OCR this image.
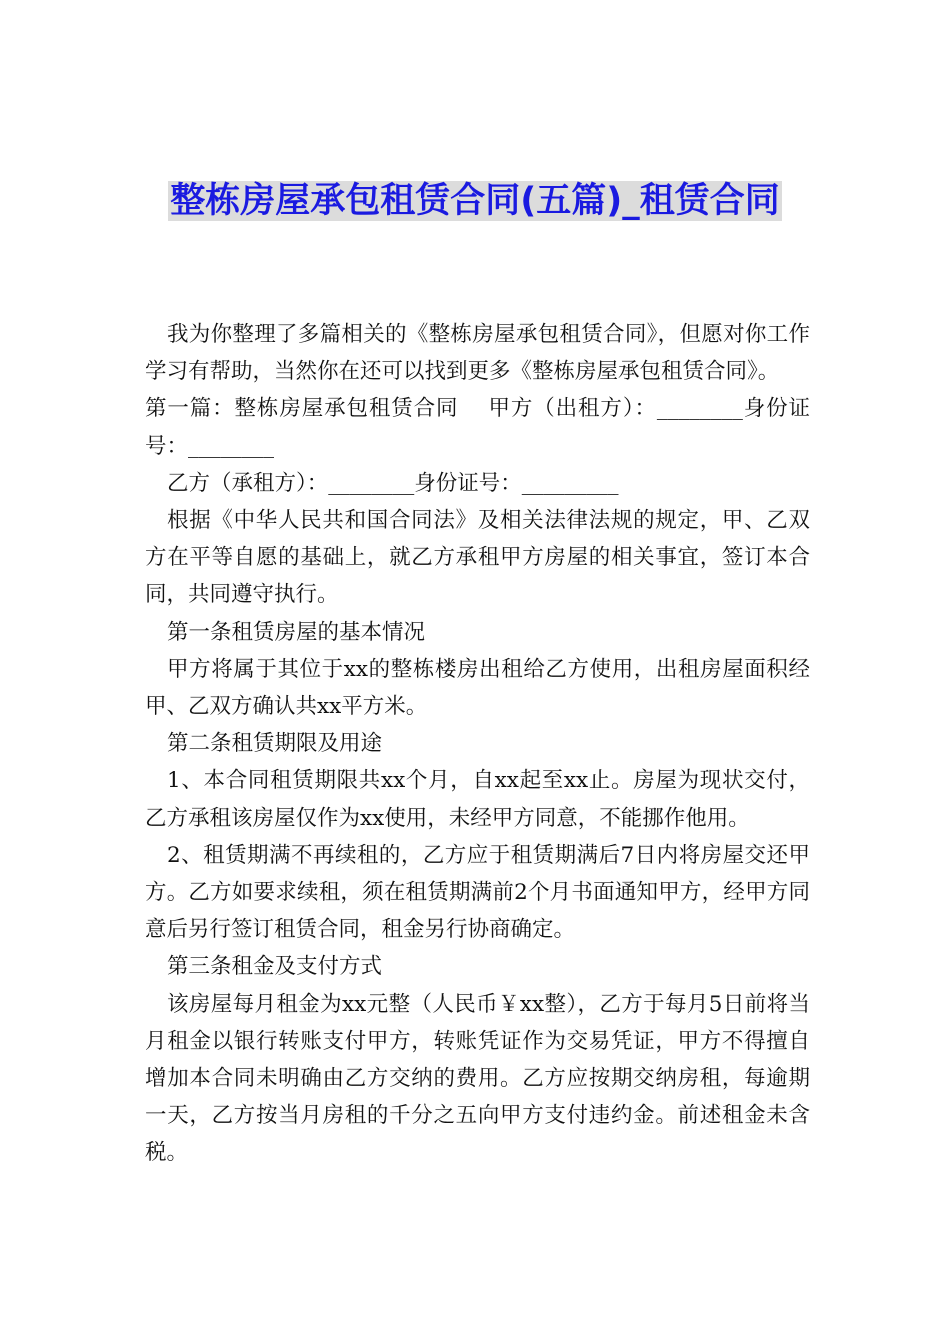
整栋房屋承包租赁合同(五篇)_租赁合同

我为你整理了多篇相关的《整栋房屋承包租赁合同》，但愿对你工作学习有帮助，当然你在还可以找到更多《整栋房屋承包租赁合同》。

第一篇：整栋房屋承包租赁合同　 甲方（出租方）：________身份证号：________

乙方（承租方）：________身份证号：_________

根据《中华人民共和国合同法》及相关法律法规的规定，甲、乙双方在平等自愿的基础上，就乙方承租甲方房屋的相关事宜，签订本合同，共同遵守执行。

第一条租赁房屋的基本情况

甲方将属于其位于xx的整栋楼房出租给乙方使用，出租房屋面积经甲、乙双方确认共xx平方米。

第二条租赁期限及用途

1、本合同租赁期限共xx个月，自xx起至xx止。房屋为现状交付，乙方承租该房屋仅作为xx使用，未经甲方同意，不能挪作他用。

2、租赁期满不再续租的，乙方应于租赁期满后7日内将房屋交还甲方。乙方如要求续租，须在租赁期满前2个月书面通知甲方，经甲方同意后另行签订租赁合同，租金另行协商确定。

第三条租金及支付方式

该房屋每月租金为xx元整（人民币￥xx整），乙方于每月5日前将当月租金以银行转账支付甲方，转账凭证作为交易凭证，甲方不得擅自增加本合同未明确由乙方交纳的费用。乙方应按期交纳房租，每逾期一天，乙方按当月房租的千分之五向甲方支付违约金。前述租金未含税。
